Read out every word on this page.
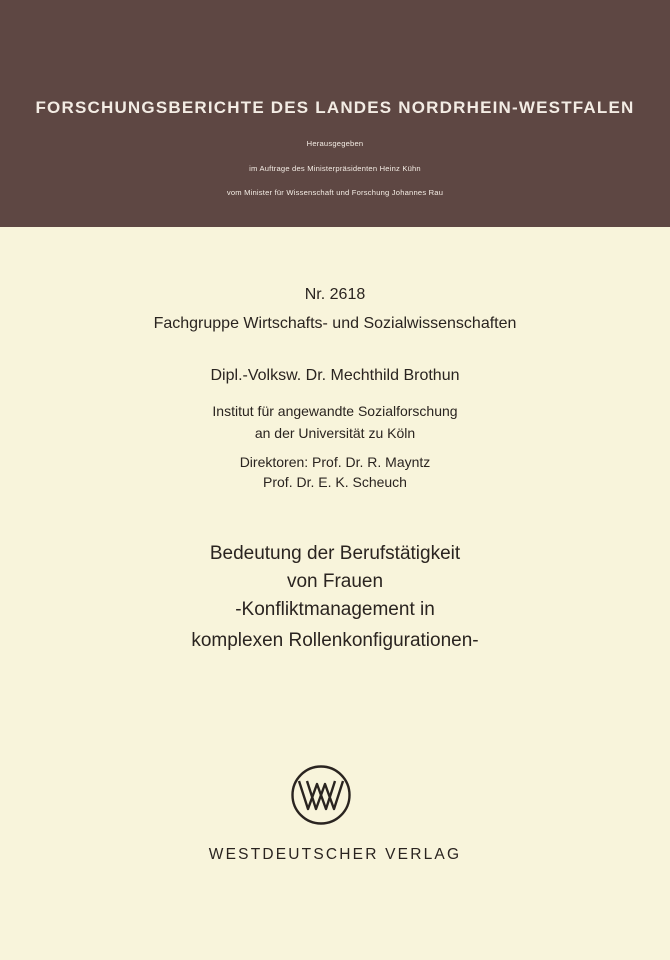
FORSCHUNGSBERICHTE DES LANDES NORDRHEIN-WESTFALEN
Herausgegeben
im Auftrage des Ministerpräsidenten Heinz Kühn
vom Minister für Wissenschaft und Forschung Johannes Rau
Nr. 2618
Fachgruppe Wirtschafts- und Sozialwissenschaften
Dipl.-Volksw. Dr. Mechthild Brothun
Institut für angewandte Sozialforschung
an der Universität zu Köln
Direktoren: Prof. Dr. R. Mayntz
Prof. Dr. E. K. Scheuch
Bedeutung der Berufstätigkeit
von Frauen
-Konfliktmanagement in
komplexen Rollenkonfigurationen-
WESTDEUTSCHER VERLAG
